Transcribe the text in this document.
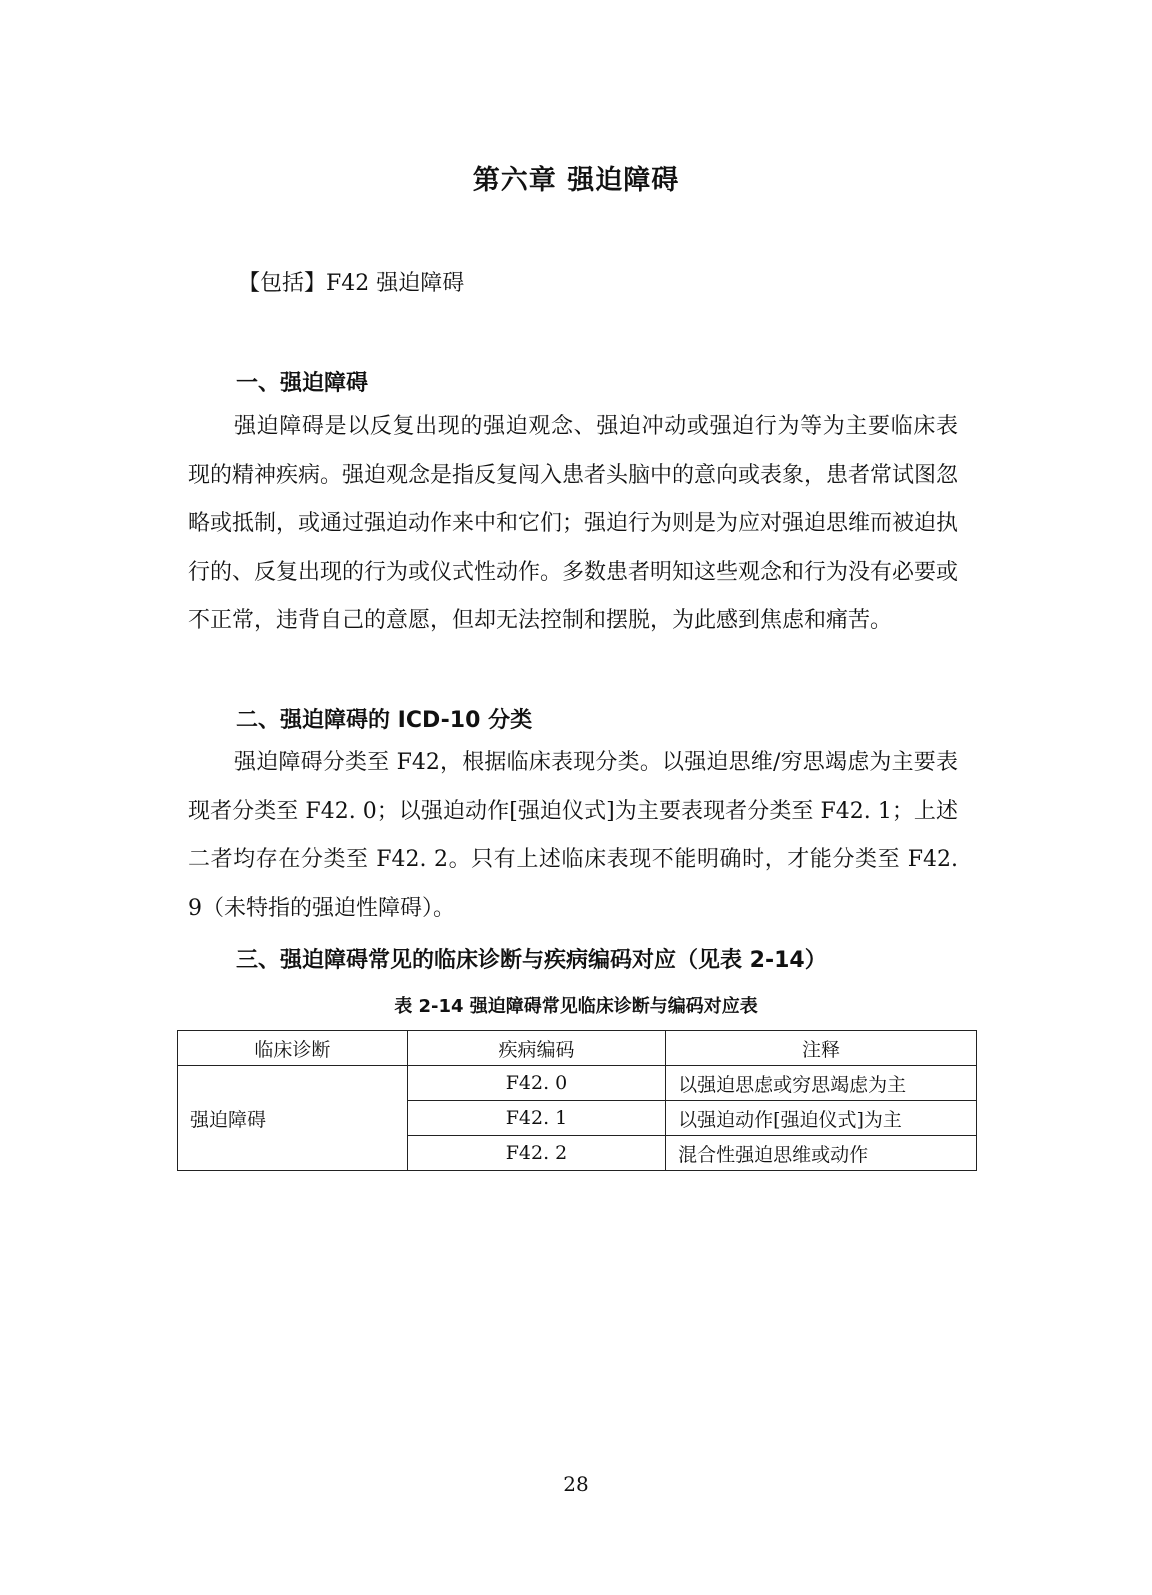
第六章 强迫障碍
【包括】F42 强迫障碍
一、强迫障碍
强迫障碍是以反复出现的强迫观念、强迫冲动或强迫行为等为主要临床表现的精神疾病。强迫观念是指反复闯入患者头脑中的意向或表象，患者常试图忽略或抵制，或通过强迫动作来中和它们；强迫行为则是为应对强迫思维而被迫执行的、反复出现的行为或仪式性动作。多数患者明知这些观念和行为没有必要或不正常，违背自己的意愿，但却无法控制和摆脱，为此感到焦虑和痛苦。
二、强迫障碍的 ICD-10 分类
强迫障碍分类至 F42，根据临床表现分类。以强迫思维/穷思竭虑为主要表现者分类至 F42. 0；以强迫动作[强迫仪式]为主要表现者分类至 F42. 1；上述二者均存在分类至 F42. 2。只有上述临床表现不能明确时，才能分类至 F42. 9（未特指的强迫性障碍）。
三、强迫障碍常见的临床诊断与疾病编码对应（见表 2-14）
表 2-14 强迫障碍常见临床诊断与编码对应表
临床诊断	疾病编码	注释
强迫障碍	F42. 0	以强迫思虑或穷思竭虑为主
	F42. 1	以强迫动作[强迫仪式]为主
	F42. 2	混合性强迫思维或动作
28
